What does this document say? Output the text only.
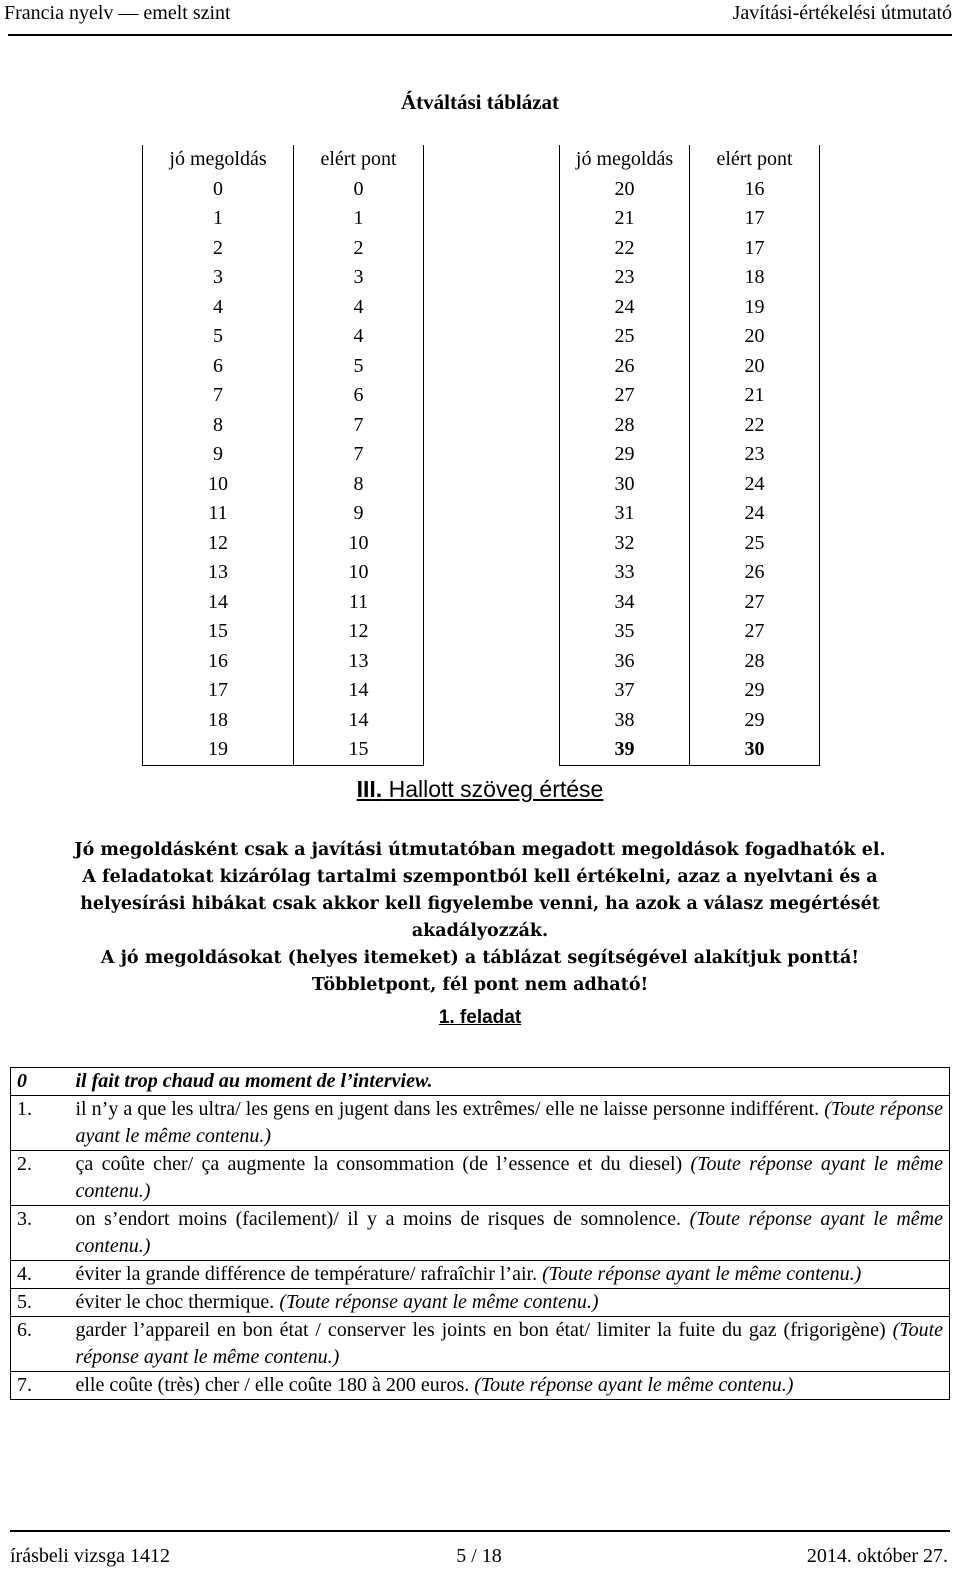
Francia nyelv — emelt szint	Javítási-értékelési útmutató
Átváltási táblázat
jó megoldás	elért pont
0	0
1	1
2	2
3	3
4	4
5	4
6	5
7	6
8	7
9	7
10	8
11	9
12	10
13	10
14	11
15	12
16	13
17	14
18	14
19	15
jó megoldás	elért pont
20	16
21	17
22	17
23	18
24	19
25	20
26	20
27	21
28	22
29	23
30	24
31	24
32	25
33	26
34	27
35	27
36	28
37	29
38	29
39	30
III. Hallott szöveg értése
Jó megoldásként csak a javítási útmutatóban megadott megoldások fogadhatók el.
A feladatokat kizárólag tartalmi szempontból kell értékelni, azaz a nyelvtani és a helyesírási hibákat csak akkor kell figyelembe venni, ha azok a válasz megértését akadályozzák.
A jó megoldásokat (helyes itemeket) a táblázat segítségével alakítjuk ponttá!
Többletpont, fél pont nem adható!
1. feladat
0	il fait trop chaud au moment de l’interview.
1.	il n’y a que les ultra/ les gens en jugent dans les extrêmes/ elle ne laisse personne indifférent. (Toute réponse ayant le même contenu.)
2.	ça coûte cher/ ça augmente la consommation (de l’essence et du diesel) (Toute réponse ayant le même contenu.)
3.	on s’endort moins (facilement)/ il y a moins de risques de somnolence. (Toute réponse ayant le même contenu.)
4.	éviter la grande différence de température/ rafraîchir l’air. (Toute réponse ayant le même contenu.)
5.	éviter le choc thermique. (Toute réponse ayant le même contenu.)
6.	garder l’appareil en bon état / conserver les joints en bon état/ limiter la fuite du gaz (frigorigène) (Toute réponse ayant le même contenu.)
7.	elle coûte (très) cher / elle coûte 180 à 200 euros. (Toute réponse ayant le même contenu.)
írásbeli vizsga 1412	5 / 18	2014. október 27.
